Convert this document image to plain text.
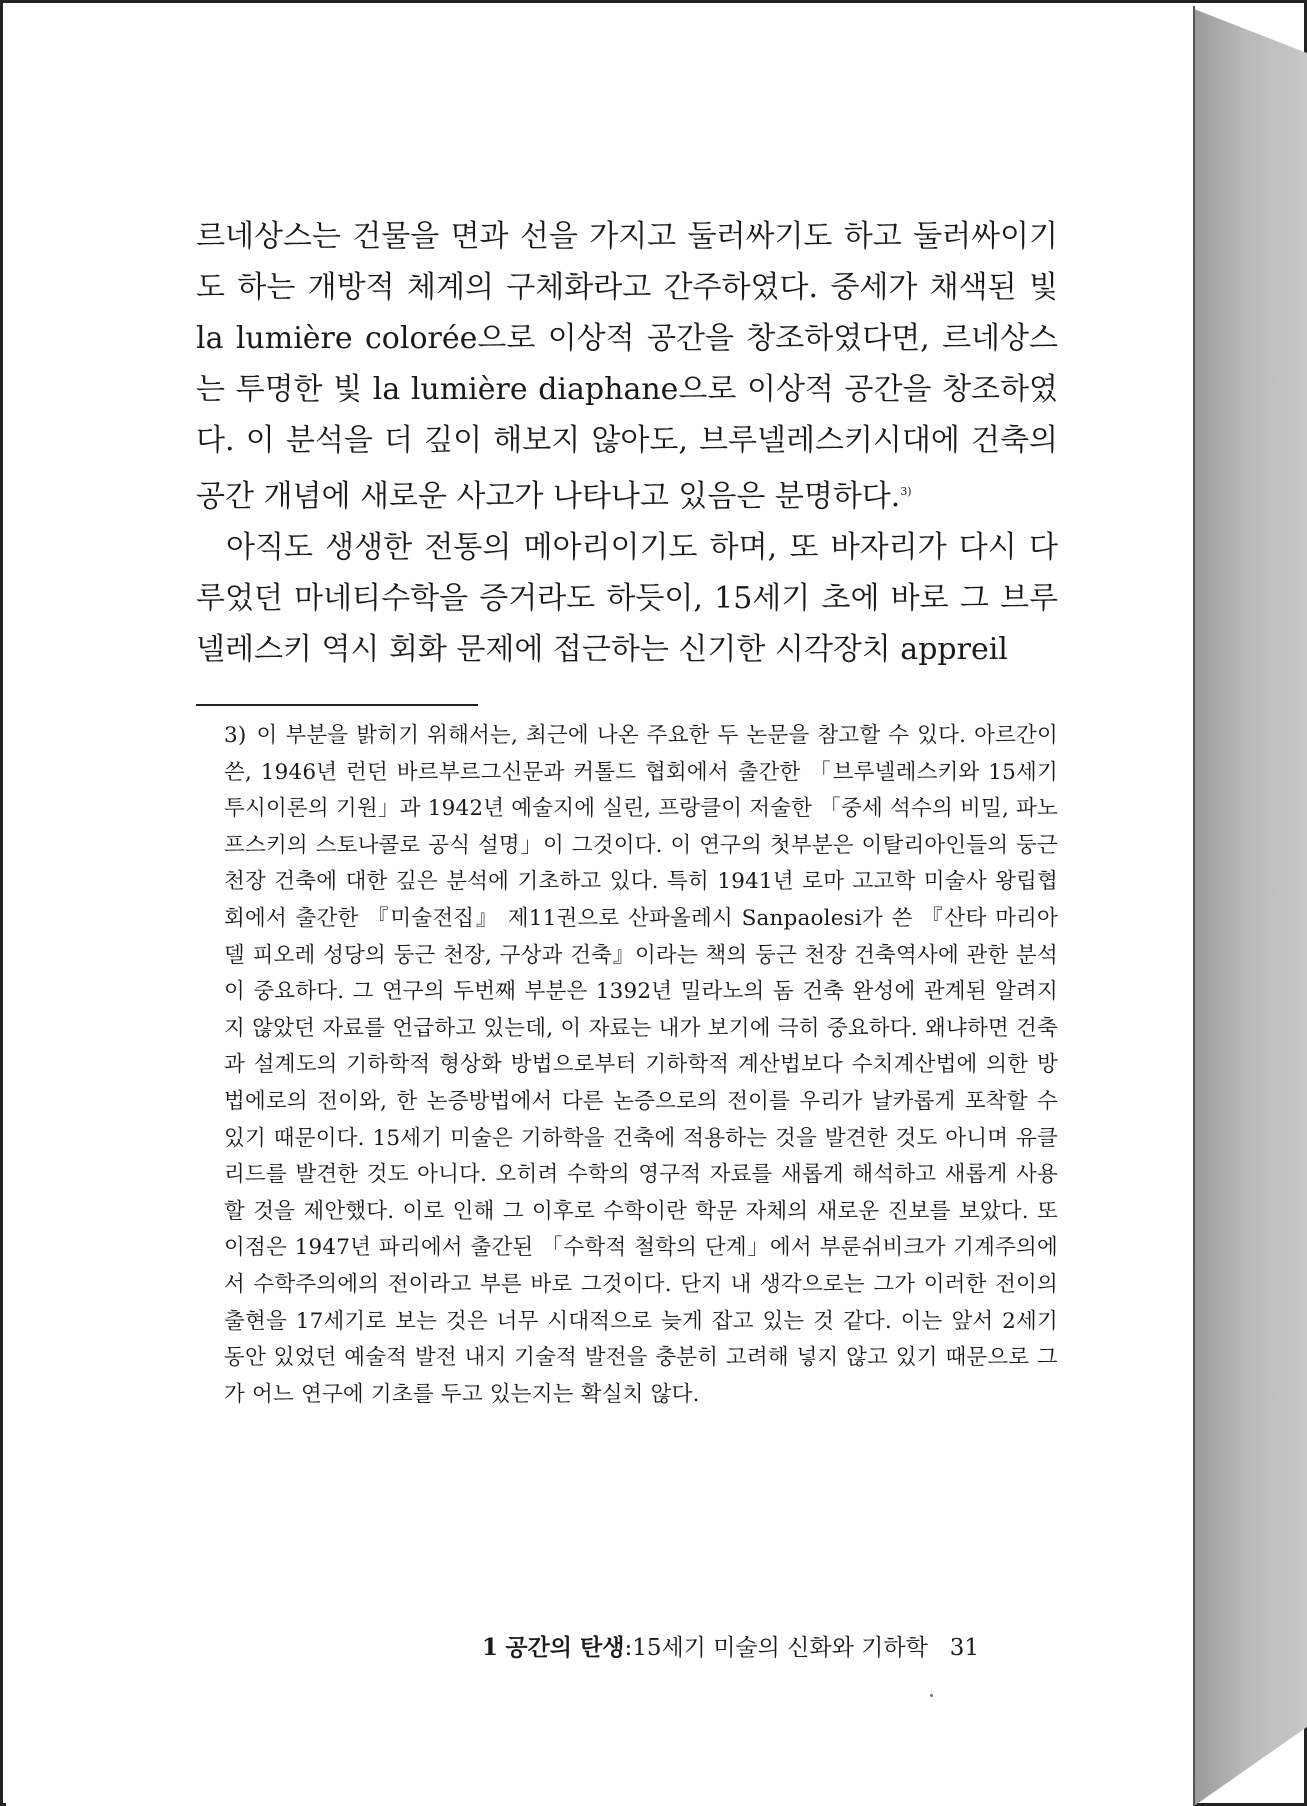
르네상스는 건물을 면과 선을 가지고 둘러싸기도 하고 둘러싸이기도 하는 개방적 체계의 구체화라고 간주하였다. 중세가 채색된 빛 la lumière colorée으로 이상적 공간을 창조하였다면, 르네상스는 투명한 빛 la lumière diaphane으로 이상적 공간을 창조하였다. 이 분석을 더 깊이 해보지 않아도, 브루넬레스키시대에 건축의 공간 개념에 새로운 사고가 나타나고 있음은 분명하다.$^{3)}$

아직도 생생한 전통의 메아리이기도 하며, 또 바자리가 다시 다루었던 마네티수학을 증거라도 하듯이, 15세기 초에 바로 그 브루넬레스키 역시 회화 문제에 접근하는 신기한 시각장치 appreil

3) 이 부분을 밝히기 위해서는, 최근에 나온 주요한 두 논문을 참고할 수 있다. 아르간이 쓴, 1946년 런던 바르부르그신문과 커톨드 협회에서 출간한 「브루넬레스키와 15세기 투시이론의 기원」과 1942년 예술지에 실린, 프랑클이 저술한 「중세 석수의 비밀, 파노프스키의 스토나콜로 공식 설명」이 그것이다. 이 연구의 첫부분은 이탈리아인들의 둥근 천장 건축에 대한 깊은 분석에 기초하고 있다. 특히 1941년 로마 고고학 미술사 왕립협회에서 출간한 『미술전집』 제11권으로 산파올레시 Sanpaolesi가 쓴 『산타 마리아 델 피오레 성당의 둥근 천장, 구상과 건축』이라는 책의 둥근 천장 건축역사에 관한 분석이 중요하다. 그 연구의 두번째 부분은 1392년 밀라노의 돔 건축 완성에 관계된 알려지지 않았던 자료를 언급하고 있는데, 이 자료는 내가 보기에 극히 중요하다. 왜냐하면 건축과 설계도의 기하학적 형상화 방법으로부터 기하학적 계산법보다 수치계산법에 의한 방법에로의 전이와, 한 논증방법에서 다른 논증으로의 전이를 우리가 날카롭게 포착할 수 있기 때문이다. 15세기 미술은 기하학을 건축에 적용하는 것을 발견한 것도 아니며 유클리드를 발견한 것도 아니다. 오히려 수학의 영구적 자료를 새롭게 해석하고 새롭게 사용할 것을 제안했다. 이로 인해 그 이후로 수학이란 학문 자체의 새로운 진보를 보았다. 또 이점은 1947년 파리에서 출간된 「수학적 철학의 단계」에서 부룬쉬비크가 기계주의에서 수학주의에의 전이라고 부른 바로 그것이다. 단지 내 생각으로는 그가 이러한 전이의 출현을 17세기로 보는 것은 너무 시대적으로 늦게 잡고 있는 것 같다. 이는 앞서 2세기 동안 있었던 예술적 발전 내지 기술적 발전을 충분히 고려해 넣지 않고 있기 때문으로 그가 어느 연구에 기초를 두고 있는지는 확실치 않다.
1 공간의 탄생:15세기 미술의 신화와 기하학 31
